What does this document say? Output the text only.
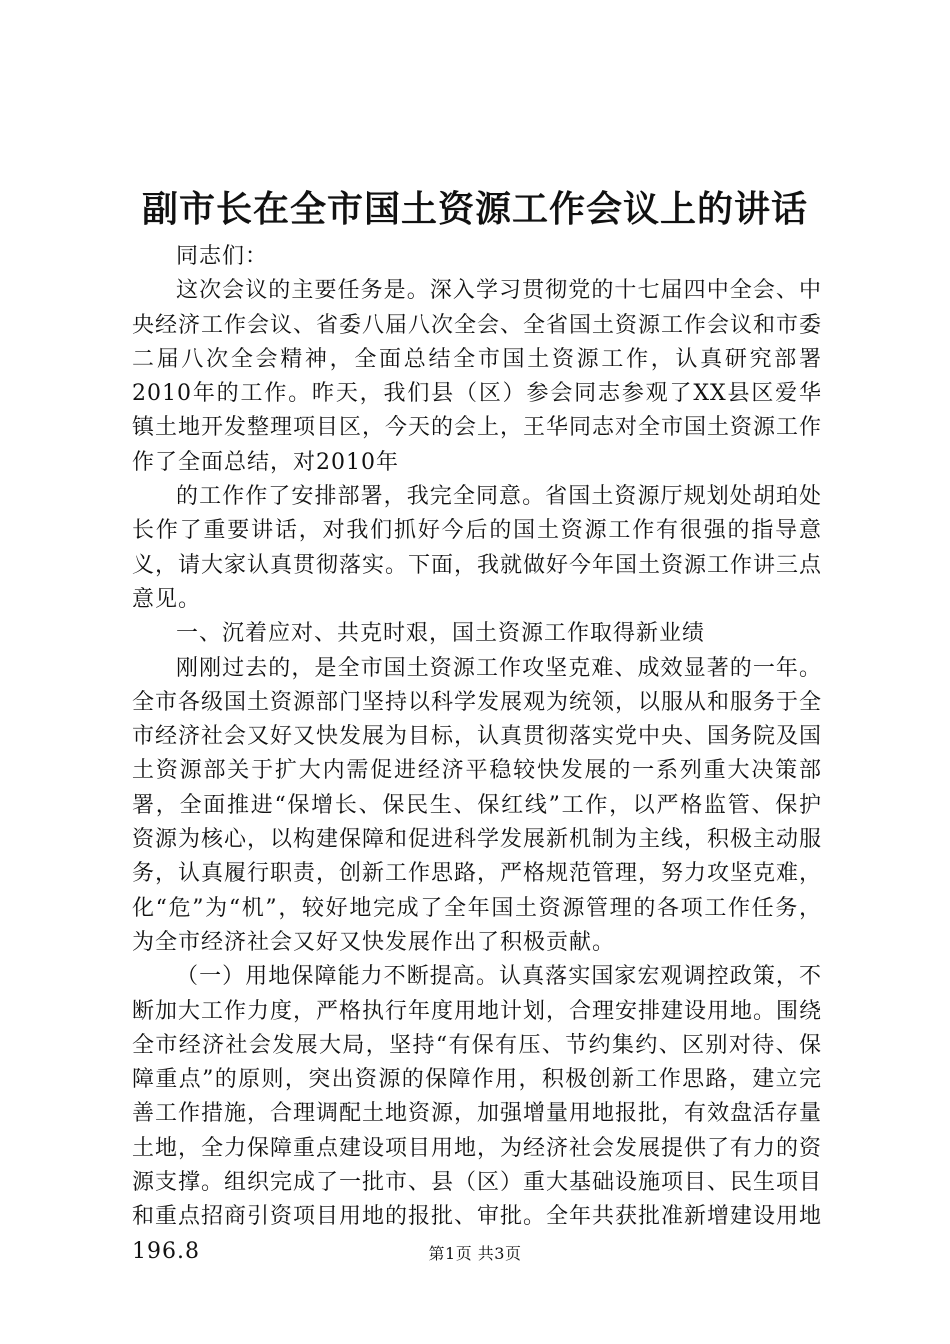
副市长在全市国土资源工作会议上的讲话

同志们：

这次会议的主要任务是。深入学习贯彻党的十七届四中全会、中央经济工作会议、省委八届八次全会、全省国土资源工作会议和市委二届八次全会精神，全面总结全市国土资源工作，认真研究部署2010年的工作。昨天，我们县（区）参会同志参观了XX县区爱华镇土地开发整理项目区，今天的会上，王华同志对全市国土资源工作作了全面总结，对2010年

的工作作了安排部署，我完全同意。省国土资源厅规划处胡珀处长作了重要讲话，对我们抓好今后的国土资源工作有很强的指导意义，请大家认真贯彻落实。下面，我就做好今年国土资源工作讲三点意见。

一、沉着应对、共克时艰，国土资源工作取得新业绩

刚刚过去的，是全市国土资源工作攻坚克难、成效显著的一年。全市各级国土资源部门坚持以科学发展观为统领，以服从和服务于全市经济社会又好又快发展为目标，认真贯彻落实党中央、国务院及国土资源部关于扩大内需促进经济平稳较快发展的一系列重大决策部署，全面推进“保增长、保民生、保红线”工作，以严格监管、保护资源为核心，以构建保障和促进科学发展新机制为主线，积极主动服务，认真履行职责，创新工作思路，严格规范管理，努力攻坚克难，化“危”为“机”，较好地完成了全年国土资源管理的各项工作任务，为全市经济社会又好又快发展作出了积极贡献。

（一）用地保障能力不断提高。认真落实国家宏观调控政策，不断加大工作力度，严格执行年度用地计划，合理安排建设用地。围绕全市经济社会发展大局，坚持“有保有压、节约集约、区别对待、保障重点”的原则，突出资源的保障作用，积极创新工作思路，建立完善工作措施，合理调配土地资源，加强增量用地报批，有效盘活存量土地，全力保障重点建设项目用地，为经济社会发展提供了有力的资源支撑。组织完成了一批市、县（区）重大基础设施项目、民生项目和重点招商引资项目用地的报批、审批。全年共获批准新增建设用地196.8	第1页 共3页
